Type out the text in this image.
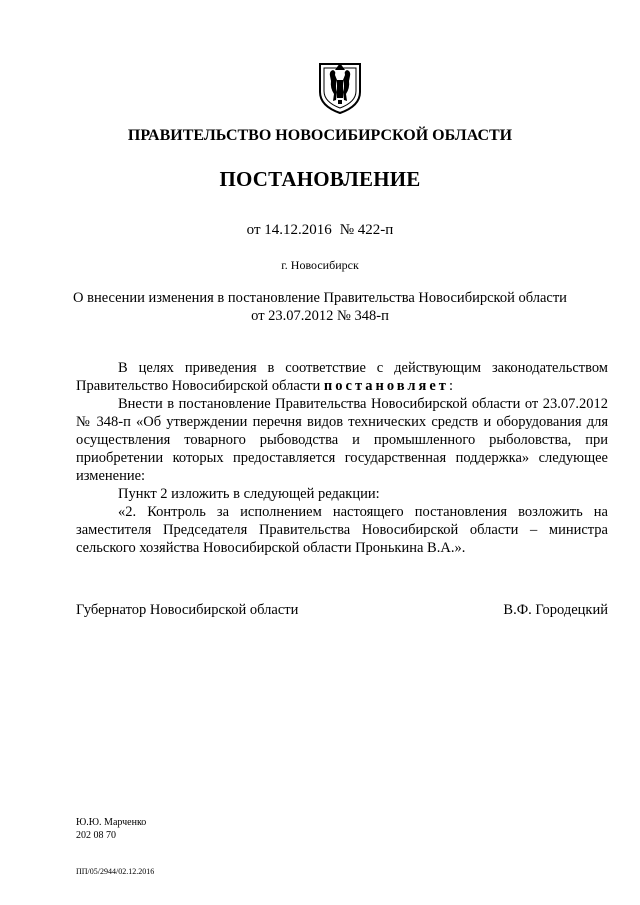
ПРАВИТЕЛЬСТВО НОВОСИБИРСКОЙ ОБЛАСТИ
ПОСТАНОВЛЕНИЕ
от 14.12.2016 № 422-п
г. Новосибирск
О внесении изменения в постановление Правительства Новосибирской области
от 23.07.2012 № 348-п

В целях приведения в соответствие с действующим законодательством Правительство Новосибирской области постановляет:

Внести в постановление Правительства Новосибирской области от 23.07.2012 № 348-п «Об утверждении перечня видов технических средств и оборудования для осуществления товарного рыбоводства и промышленного рыболовства, при приобретении которых предоставляется государственная поддержка» следующее изменение:

Пункт 2 изложить в следующей редакции:

«2. Контроль за исполнением настоящего постановления возложить на заместителя Председателя Правительства Новосибирской области – министра сельского хозяйства Новосибирской области Пронькина В.А.».

Губернатор Новосибирской области	В.Ф. Городецкий
Ю.Ю. Марченко
202 08 70
ПП/05/2944/02.12.2016
